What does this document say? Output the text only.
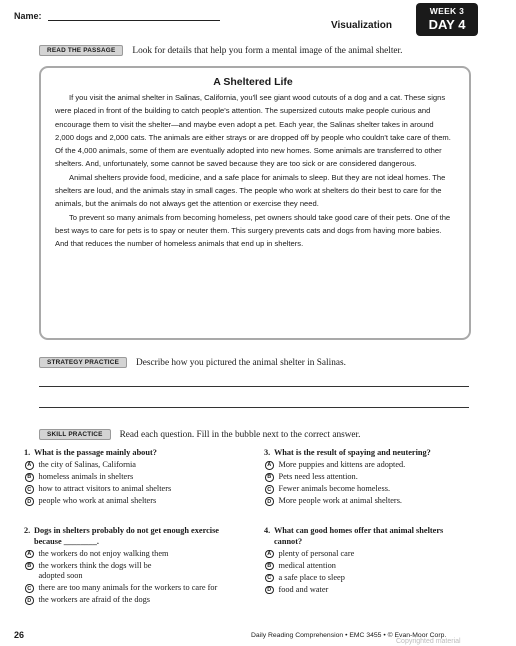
Name:
Visualization
WEEK 3
DAY 4
READ THE PASSAGE	Look for details that help you form a mental image of the animal shelter.
A Sheltered Life

If you visit the animal shelter in Salinas, California, you'll see giant wood cutouts of a dog and a cat. These signs were placed in front of the building to catch people's attention. The supersized cutouts make people curious and encourage them to visit the shelter—and maybe even adopt a pet. Each year, the Salinas shelter takes in around 2,000 dogs and 2,000 cats. The animals are either strays or are dropped off by people who couldn't take care of them. Of the 4,000 animals, some of them are eventually adopted into new homes. Some animals are transferred to other shelters. And, unfortunately, some cannot be saved because they are too sick or are considered dangerous.

Animal shelters provide food, medicine, and a safe place for animals to sleep. But they are not ideal homes. The shelters are loud, and the animals stay in small cages. The people who work at shelters do their best to care for the animals, but the animals do not always get the attention or exercise they need.

To prevent so many animals from becoming homeless, pet owners should take good care of their pets. One of the best ways to care for pets is to spay or neuter them. This surgery prevents cats and dogs from having more babies. And that reduces the number of homeless animals that end up in shelters.

STRATEGY PRACTICE	Describe how you pictured the animal shelter in Salinas.
SKILL PRACTICE	Read each question. Fill in the bubble next to the correct answer.
1. What is the passage mainly about?
A the city of Salinas, California
B homeless animals in shelters
C how to attract visitors to animal shelters
D people who work at animal shelters
2. Dogs in shelters probably do not get enough exercise because ________.
A the workers do not enjoy walking them
B the workers think the dogs will be adopted soon
C there are too many animals for the workers to care for
D the workers are afraid of the dogs
3. What is the result of spaying and neutering?
A More puppies and kittens are adopted.
B Pets need less attention.
C Fewer animals become homeless.
D More people work at animal shelters.
4. What can good homes offer that animal shelters cannot?
A plenty of personal care
B medical attention
C a safe place to sleep
D food and water
26	Daily Reading Comprehension • EMC 3455 • © Evan-Moor Corp.
Copyrighted material
